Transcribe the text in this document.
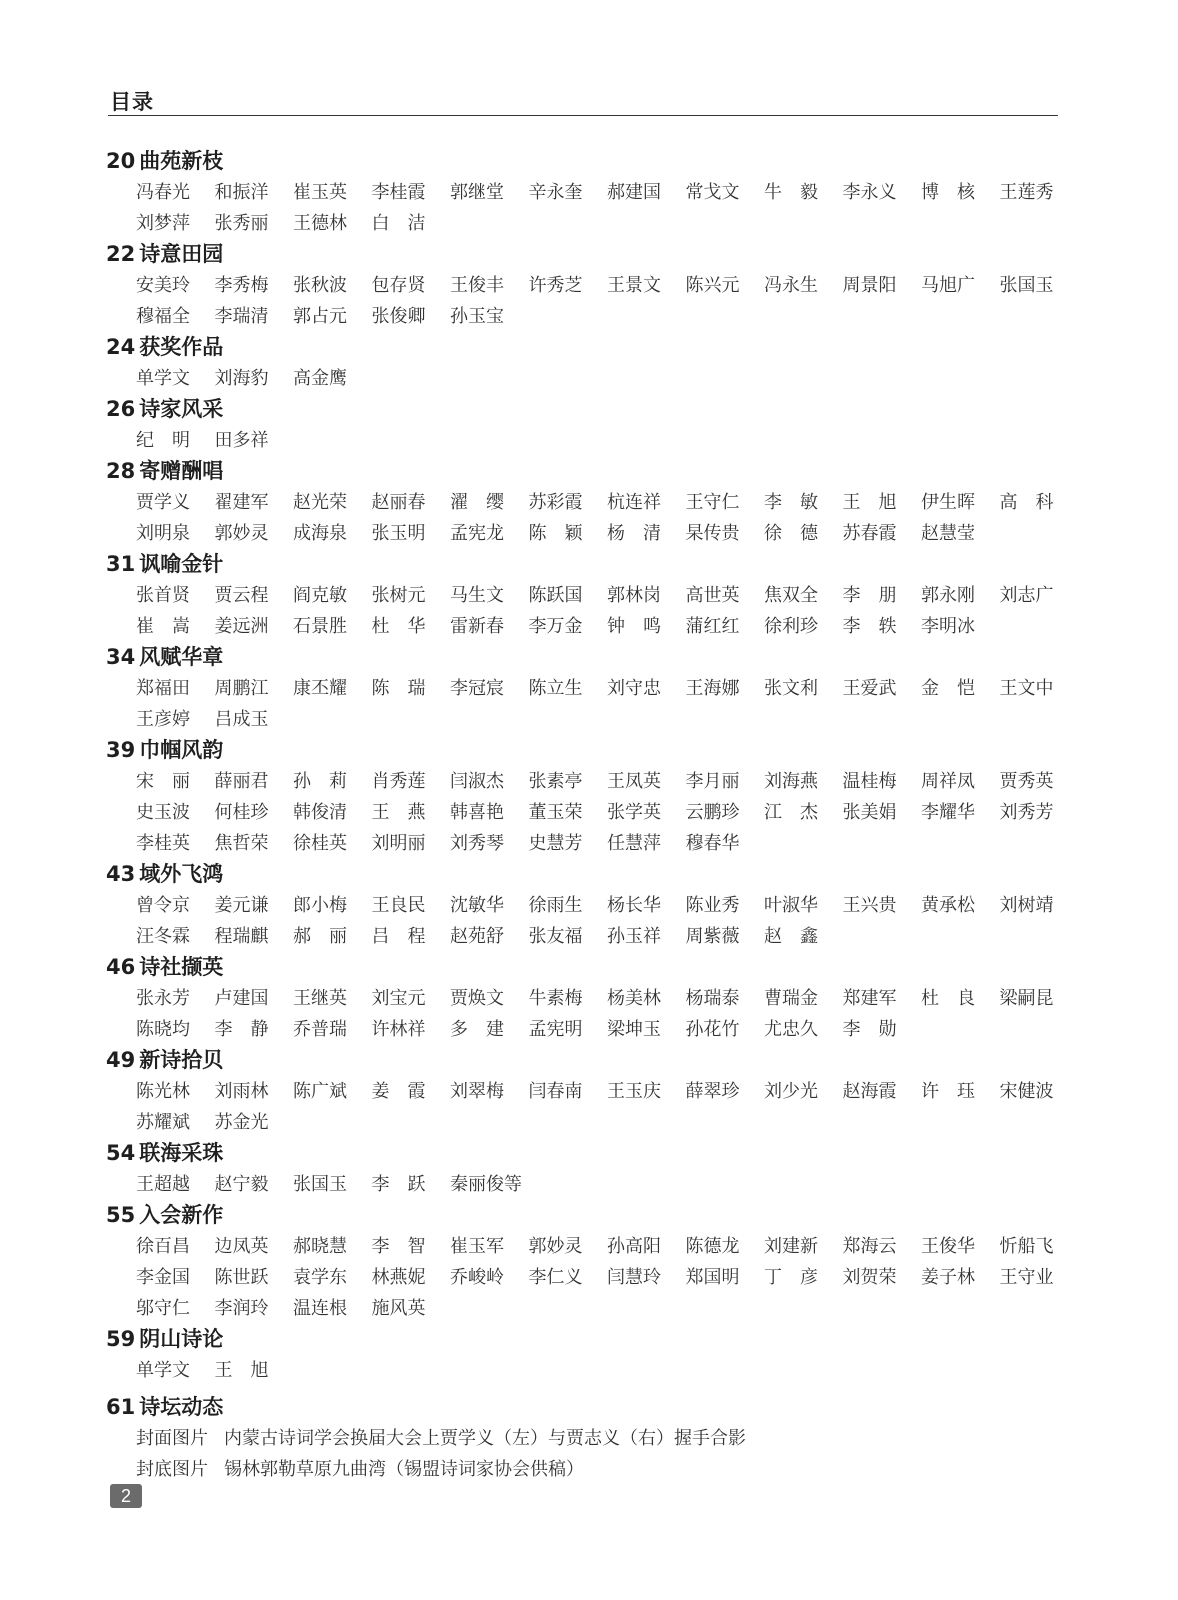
目录
20 曲苑新枝
冯春光 和振洋 崔玉英 李桂霞 郭继堂 辛永奎 郝建国 常戈文 牛　毅 李永义 博　核 王莲秀
刘梦萍 张秀丽 王德林 白　洁
22 诗意田园
安美玲 李秀梅 张秋波 包存贤 王俊丰 许秀芝 王景文 陈兴元 冯永生 周景阳 马旭广 张国玉
穆福全 李瑞清 郭占元 张俊卿 孙玉宝
24 获奖作品
单学文 刘海豹 高金鹰
26 诗家风采
纪　明 田多祥
28 寄赠酬唱
贾学义 翟建军 赵光荣 赵丽春 濯　缨 苏彩霞 杭连祥 王守仁 李　敏 王　旭 伊生晖 高　科
刘明泉 郭妙灵 成海泉 张玉明 孟宪龙 陈　颖 杨　清 杲传贵 徐　德 苏春霞 赵慧莹
31 讽喻金针
张首贤 贾云程 阎克敏 张树元 马生文 陈跃国 郭林岗 高世英 焦双全 李　朋 郭永刚 刘志广
崔　嵩 姜远洲 石景胜 杜　华 雷新春 李万金 钟　鸣 蒲红红 徐利珍 李　轶 李明冰
34 风赋华章
郑福田 周鹏江 康丕耀 陈　瑞 李冠宸 陈立生 刘守忠 王海娜 张文利 王爱武 金　恺 王文中
王彦婷 吕成玉
39 巾帼风韵
宋　丽 薛丽君 孙　莉 肖秀莲 闫淑杰 张素亭 王凤英 李月丽 刘海燕 温桂梅 周祥凤 贾秀英
史玉波 何桂珍 韩俊清 王　燕 韩喜艳 董玉荣 张学英 云鹏珍 江　杰 张美娟 李耀华 刘秀芳
李桂英 焦哲荣 徐桂英 刘明丽 刘秀琴 史慧芳 任慧萍 穆春华
43 域外飞鸿
曾令京 姜元谦 郎小梅 王良民 沈敏华 徐雨生 杨长华 陈业秀 叶淑华 王兴贵 黄承松 刘树靖
汪冬霖 程瑞麒 郝　丽 吕　程 赵苑舒 张友福 孙玉祥 周紫薇 赵　鑫
46 诗社撷英
张永芳 卢建国 王继英 刘宝元 贾焕文 牛素梅 杨美林 杨瑞泰 曹瑞金 郑建军 杜　良 梁嗣昆
陈晓均 李　静 乔普瑞 许林祥 多　建 孟宪明 梁坤玉 孙花竹 尤忠久 李　勋
49 新诗拾贝
陈光林 刘雨林 陈广斌 姜　霞 刘翠梅 闫春南 王玉庆 薛翠珍 刘少光 赵海霞 许　珏 宋健波
苏耀斌 苏金光
54 联海采珠
王超越 赵宁毅 张国玉 李　跃 秦丽俊等
55 入会新作
徐百昌 边凤英 郝晓慧 李　智 崔玉军 郭妙灵 孙高阳 陈德龙 刘建新 郑海云 王俊华 忻船飞
李金国 陈世跃 袁学东 林燕妮 乔峻岭 李仁义 闫慧玲 郑国明 丁　彦 刘贺荣 姜子林 王守业
邬守仁 李润玲 温连根 施风英
59 阴山诗论
单学文 王　旭
61 诗坛动态
封面图片 内蒙古诗词学会换届大会上贾学义（左）与贾志义（右）握手合影
封底图片 锡林郭勒草原九曲湾（锡盟诗词家协会供稿）
2
